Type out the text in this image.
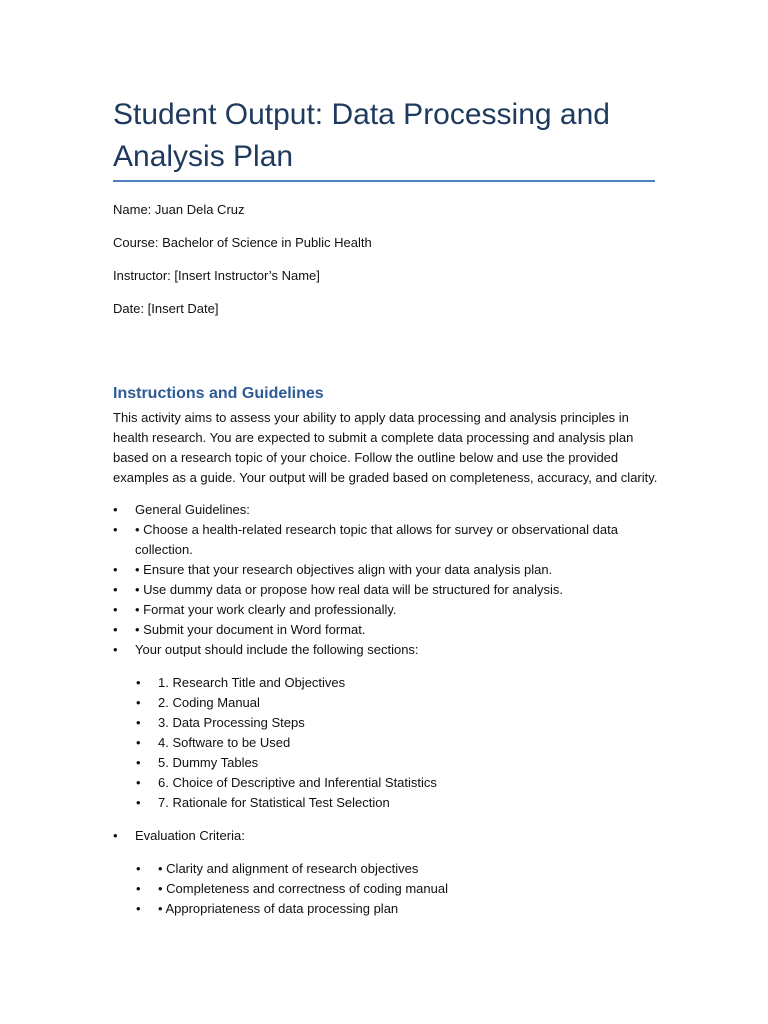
Student Output: Data Processing and Analysis Plan

Name: Juan Dela Cruz

Course: Bachelor of Science in Public Health

Instructor: [Insert Instructor’s Name]

Date: [Insert Date]

Instructions and Guidelines

This activity aims to assess your ability to apply data processing and analysis principles in health research. You are expected to submit a complete data processing and analysis plan based on a research topic of your choice. Follow the outline below and use the provided examples as a guide. Your output will be graded based on completeness, accuracy, and clarity.

• General Guidelines:
• • Choose a health-related research topic that allows for survey or observational data collection.
• • Ensure that your research objectives align with your data analysis plan.
• • Use dummy data or propose how real data will be structured for analysis.
• • Format your work clearly and professionally.
• • Submit your document in Word format.
• Your output should include the following sections:
• 1. Research Title and Objectives
• 2. Coding Manual
• 3. Data Processing Steps
• 4. Software to be Used
• 5. Dummy Tables
• 6. Choice of Descriptive and Inferential Statistics
• 7. Rationale for Statistical Test Selection
• Evaluation Criteria:
• • Clarity and alignment of research objectives
• • Completeness and correctness of coding manual
• • Appropriateness of data processing plan
